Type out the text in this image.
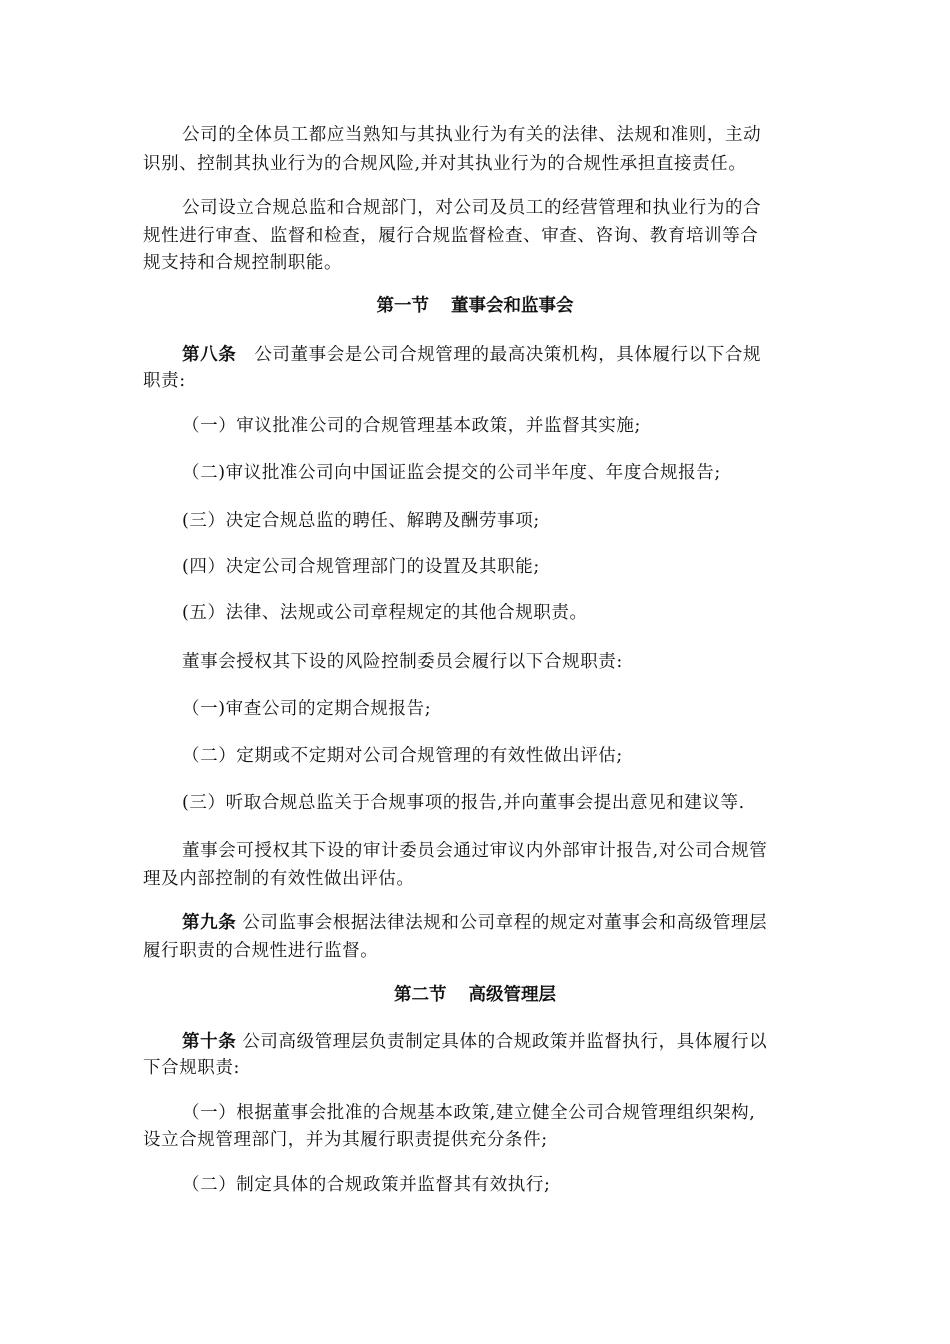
公司的全体员工都应当熟知与其执业行为有关的法律、法规和准则，主动
识别、控制其执业行为的合规风险,并对其执业行为的合规性承担直接责任。
公司设立合规总监和合规部门，对公司及员工的经营管理和执业行为的合
规性进行审查、监督和检查，履行合规监督检查、审查、咨询、教育培训等合
规支持和合规控制职能。
第一节 董事会和监事会
第八条 公司董事会是公司合规管理的最高决策机构，具体履行以下合规
职责:
（一）审议批准公司的合规管理基本政策，并监督其实施;
（二)审议批准公司向中国证监会提交的公司半年度、年度合规报告;
(三）决定合规总监的聘任、解聘及酬劳事项;
(四）决定公司合规管理部门的设置及其职能;
(五）法律、法规或公司章程规定的其他合规职责。
董事会授权其下设的风险控制委员会履行以下合规职责:
（一)审查公司的定期合规报告;
（二）定期或不定期对公司合规管理的有效性做出评估;
(三）听取合规总监关于合规事项的报告,并向董事会提出意见和建议等.
董事会可授权其下设的审计委员会通过审议内外部审计报告,对公司合规管
理及内部控制的有效性做出评估。
第九条 公司监事会根据法律法规和公司章程的规定对董事会和高级管理层
履行职责的合规性进行监督。
第二节 高级管理层
第十条 公司高级管理层负责制定具体的合规政策并监督执行，具体履行以
下合规职责:
（一）根据董事会批准的合规基本政策,建立健全公司合规管理组织架构,
设立合规管理部门，并为其履行职责提供充分条件;
（二）制定具体的合规政策并监督其有效执行;
